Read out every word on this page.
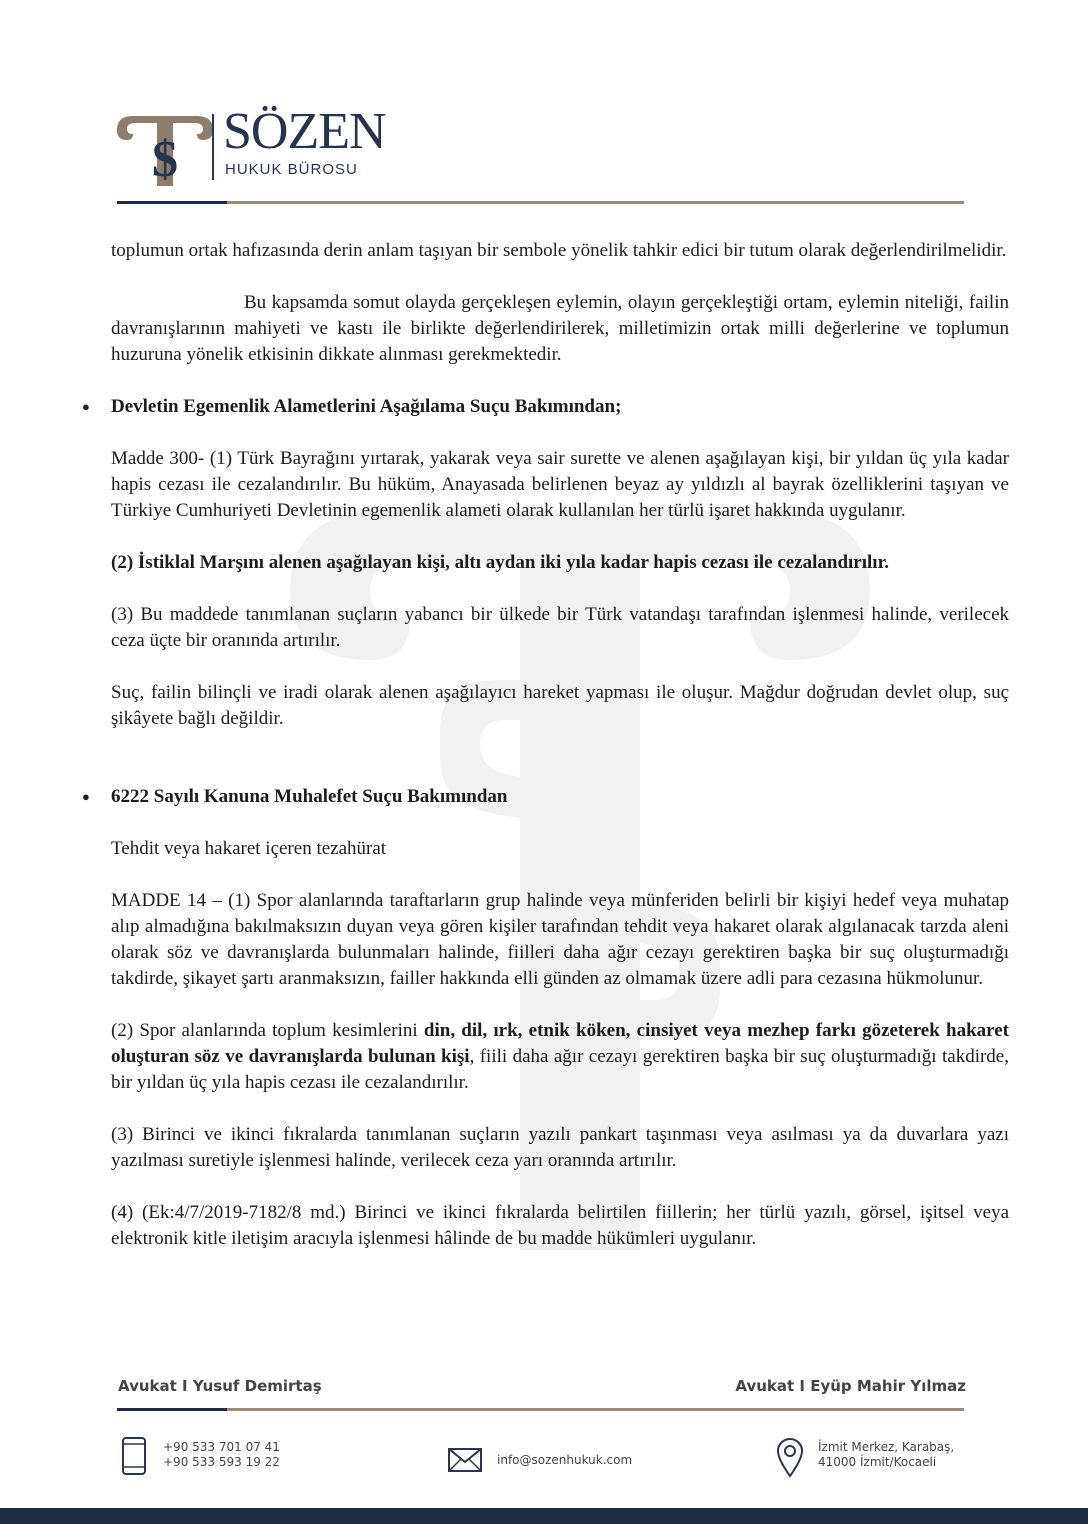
$ SÖZEN
HUKUK BÜROSU

toplumun ortak hafızasında derin anlam taşıyan bir sembole yönelik tahkir edici bir tutum olarak değerlendirilmelidir.

Bu kapsamda somut olayda gerçekleşen eylemin, olayın gerçekleştiği ortam, eylemin niteliği, failin davranışlarının mahiyeti ve kastı ile birlikte değerlendirilerek, milletimizin ortak milli değerlerine ve toplumun huzuruna yönelik etkisinin dikkate alınması gerekmektedir.

● Devletin Egemenlik Alametlerini Aşağılama Suçu Bakımından;

Madde 300- (1) Türk Bayrağını yırtarak, yakarak veya sair surette ve alenen aşağılayan kişi, bir yıldan üç yıla kadar hapis cezası ile cezalandırılır. Bu hüküm, Anayasada belirlenen beyaz ay yıldızlı al bayrak özelliklerini taşıyan ve Türkiye Cumhuriyeti Devletinin egemenlik alameti olarak kullanılan her türlü işaret hakkında uygulanır.

(2) İstiklal Marşını alenen aşağılayan kişi, altı aydan iki yıla kadar hapis cezası ile cezalandırılır.

(3) Bu maddede tanımlanan suçların yabancı bir ülkede bir Türk vatandaşı tarafından işlenmesi halinde, verilecek ceza üçte bir oranında artırılır.

Suç, failin bilinçli ve iradi olarak alenen aşağılayıcı hareket yapması ile oluşur. Mağdur doğrudan devlet olup, suç şikâyete bağlı değildir.

● 6222 Sayılı Kanuna Muhalefet Suçu Bakımından

Tehdit veya hakaret içeren tezahürat

MADDE 14 – (1) Spor alanlarında taraftarların grup halinde veya münferiden belirli bir kişiyi hedef veya muhatap alıp almadığına bakılmaksızın duyan veya gören kişiler tarafından tehdit veya hakaret olarak algılanacak tarzda aleni olarak söz ve davranışlarda bulunmaları halinde, fiilleri daha ağır cezayı gerektiren başka bir suç oluşturmadığı takdirde, şikayet şartı aranmaksızın, failler hakkında elli günden az olmamak üzere adli para cezasına hükmolunur.

(2) Spor alanlarında toplum kesimlerini din, dil, ırk, etnik köken, cinsiyet veya mezhep farkı gözeterek hakaret oluşturan söz ve davranışlarda bulunan kişi, fiili daha ağır cezayı gerektiren başka bir suç oluşturmadığı takdirde, bir yıldan üç yıla hapis cezası ile cezalandırılır.

(3) Birinci ve ikinci fıkralarda tanımlanan suçların yazılı pankart taşınması veya asılması ya da duvarlara yazı yazılması suretiyle işlenmesi halinde, verilecek ceza yarı oranında artırılır.

(4) (Ek:4/7/2019-7182/8 md.) Birinci ve ikinci fıkralarda belirtilen fiillerin; her türlü yazılı, görsel, işitsel veya elektronik kitle iletişim aracıyla işlenmesi hâlinde de bu madde hükümleri uygulanır.

Avukat I Yusuf Demirtaş	Avukat I Eyüp Mahir Yılmaz
+90 533 701 07 41
+90 533 593 19 22	info@sozenhukuk.com
İzmit Merkez, Karabaş,
41000 İzmit/Kocaeli
